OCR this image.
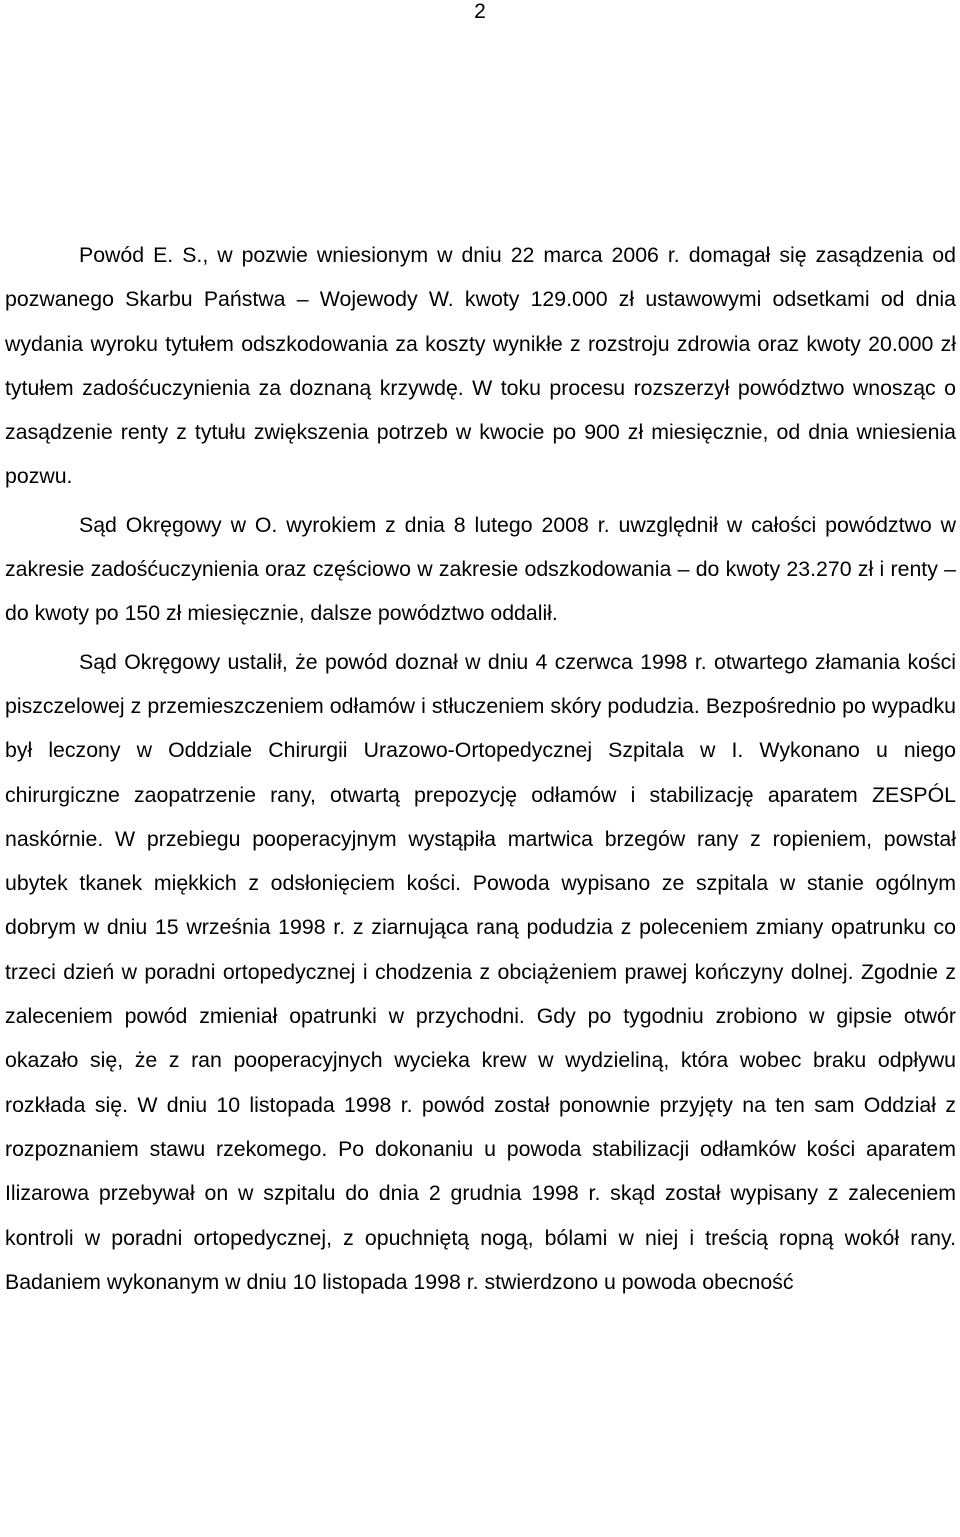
2

Powód E. S., w pozwie wniesionym w dniu 22 marca 2006 r. domagał się zasądzenia od pozwanego Skarbu Państwa – Wojewody W. kwoty 129.000 zł ustawowymi odsetkami od dnia wydania wyroku tytułem odszkodowania za koszty wynikłe z rozstroju zdrowia oraz kwoty 20.000 zł tytułem zadośćuczynienia za doznaną krzywdę. W toku procesu rozszerzył powództwo wnosząc o zasądzenie renty z tytułu zwiększenia potrzeb w kwocie po 900 zł miesięcznie, od dnia wniesienia pozwu.

Sąd Okręgowy w O. wyrokiem z dnia 8 lutego 2008 r. uwzględnił w całości powództwo w zakresie zadośćuczynienia oraz częściowo w zakresie odszkodowania – do kwoty 23.270 zł i renty – do kwoty po 150 zł miesięcznie, dalsze powództwo oddalił.

Sąd Okręgowy ustalił, że powód doznał w dniu 4 czerwca 1998 r. otwartego złamania kości piszczelowej z przemieszczeniem odłamów i stłuczeniem skóry podudzia. Bezpośrednio po wypadku był leczony w Oddziale Chirurgii Urazowo-Ortopedycznej Szpitala w I. Wykonano u niego chirurgiczne zaopatrzenie rany, otwartą prepozycję odłamów i stabilizację aparatem ZESPÓL naskórnie. W przebiegu pooperacyjnym wystąpiła martwica brzegów rany z ropieniem, powstał ubytek tkanek miękkich z odsłonięciem kości. Powoda wypisano ze szpitala w stanie ogólnym dobrym w dniu 15 września 1998 r. z ziarnująca raną podudzia z poleceniem zmiany opatrunku co trzeci dzień w poradni ortopedycznej i chodzenia z obciążeniem prawej kończyny dolnej. Zgodnie z zaleceniem powód zmieniał opatrunki w przychodni. Gdy po tygodniu zrobiono w gipsie otwór okazało się, że z ran pooperacyjnych wycieka krew w wydzieliną, która wobec braku odpływu rozkłada się. W dniu 10 listopada 1998 r. powód został ponownie przyjęty na ten sam Oddział z rozpoznaniem stawu rzekomego. Po dokonaniu u powoda stabilizacji odłamków kości aparatem Ilizarowa przebywał on w szpitalu do dnia 2 grudnia 1998 r. skąd został wypisany z zaleceniem kontroli w poradni ortopedycznej, z opuchniętą nogą, bólami w niej i treścią ropną wokół rany. Badaniem wykonanym w dniu 10 listopada 1998 r. stwierdzono u powoda obecność
